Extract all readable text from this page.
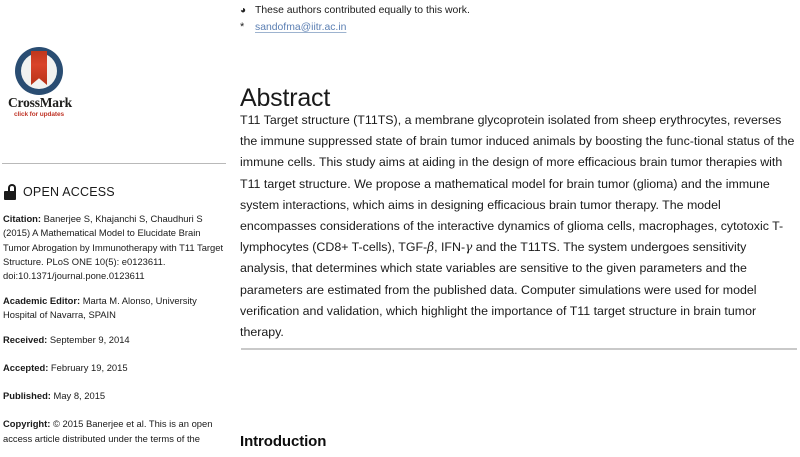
CrossMark
click for updates
OPEN ACCESS

Citation: Banerjee S, Khajanchi S, Chaudhuri S (2015) A Mathematical Model to Elucidate Brain Tumor Abrogation by Immunotherapy with T11 Target Structure. PLoS ONE 10(5): e0123611. doi:10.1371/journal.pone.0123611

Academic Editor: Marta M. Alonso, University Hospital of Navarra, SPAIN

Received: September 9, 2014

Accepted: February 19, 2015

Published: May 8, 2015

Copyright: © 2015 Banerjee et al. This is an open access article distributed under the terms of the

◕ These authors contributed equally to this work.
*	sandofma@iitr.ac.in
Abstract
T11 Target structure (T11TS), a membrane glycoprotein isolated from sheep erythrocytes, reverses the immune suppressed state of brain tumor induced animals by boosting the func-tional status of the immune cells. This study aims at aiding in the design of more efficacious brain tumor therapies with T11 target structure. We propose a mathematical model for brain tumor (glioma) and the immune system interactions, which aims in designing efficacious brain tumor therapy. The model encompasses considerations of the interactive dynamics of glioma cells, macrophages, cytotoxic T-lymphocytes (CD8+ T-cells), TGF-β, IFN-γ and the T11TS. The system undergoes sensitivity analysis, that determines which state variables are sensitive to the given parameters and the parameters are estimated from the published data. Computer simulations were used for model verification and validation, which highlight the importance of T11 target structure in brain tumor therapy.
Introduction
